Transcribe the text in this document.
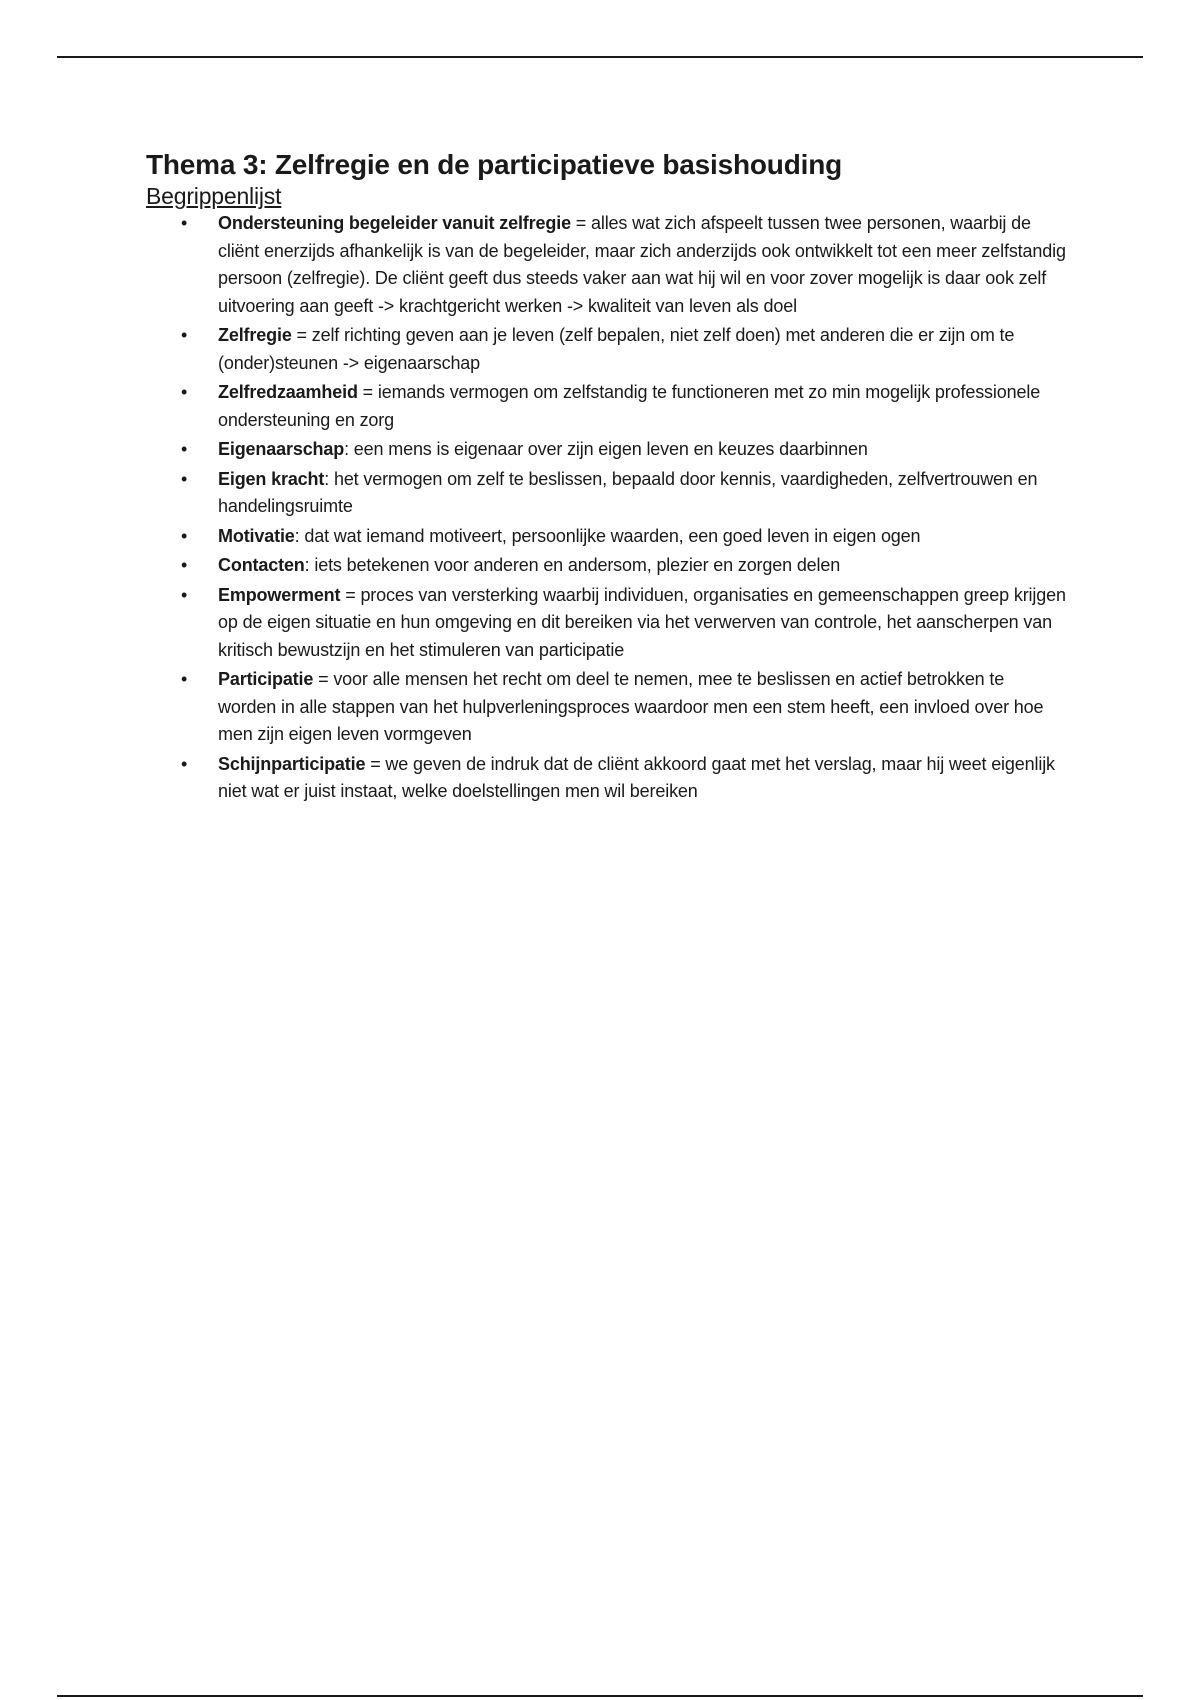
Thema 3: Zelfregie en de participatieve basishouding
Begrippenlijst
• Ondersteuning begeleider vanuit zelfregie = alles wat zich afspeelt tussen twee personen, waarbij de cliënt enerzijds afhankelijk is van de begeleider, maar zich anderzijds ook ontwikkelt tot een meer zelfstandig persoon (zelfregie). De cliënt geeft dus steeds vaker aan wat hij wil en voor zover mogelijk is daar ook zelf uitvoering aan geeft -> krachtgericht werken -> kwaliteit van leven als doel
• Zelfregie = zelf richting geven aan je leven (zelf bepalen, niet zelf doen) met anderen die er zijn om te (onder)steunen -> eigenaarschap
• Zelfredzaamheid = iemands vermogen om zelfstandig te functioneren met zo min mogelijk professionele ondersteuning en zorg
• Eigenaarschap: een mens is eigenaar over zijn eigen leven en keuzes daarbinnen
• Eigen kracht: het vermogen om zelf te beslissen, bepaald door kennis, vaardigheden, zelfvertrouwen en handelingsruimte
• Motivatie: dat wat iemand motiveert, persoonlijke waarden, een goed leven in eigen ogen
• Contacten: iets betekenen voor anderen en andersom, plezier en zorgen delen
• Empowerment = proces van versterking waarbij individuen, organisaties en gemeenschappen greep krijgen op de eigen situatie en hun omgeving en dit bereiken via het verwerven van controle, het aanscherpen van kritisch bewustzijn en het stimuleren van participatie
• Participatie = voor alle mensen het recht om deel te nemen, mee te beslissen en actief betrokken te worden in alle stappen van het hulpverleningsproces waardoor men een stem heeft, een invloed over hoe men zijn eigen leven vormgeven
• Schijnparticipatie = we geven de indruk dat de cliënt akkoord gaat met het verslag, maar hij weet eigenlijk niet wat er juist instaat, welke doelstellingen men wil bereiken
